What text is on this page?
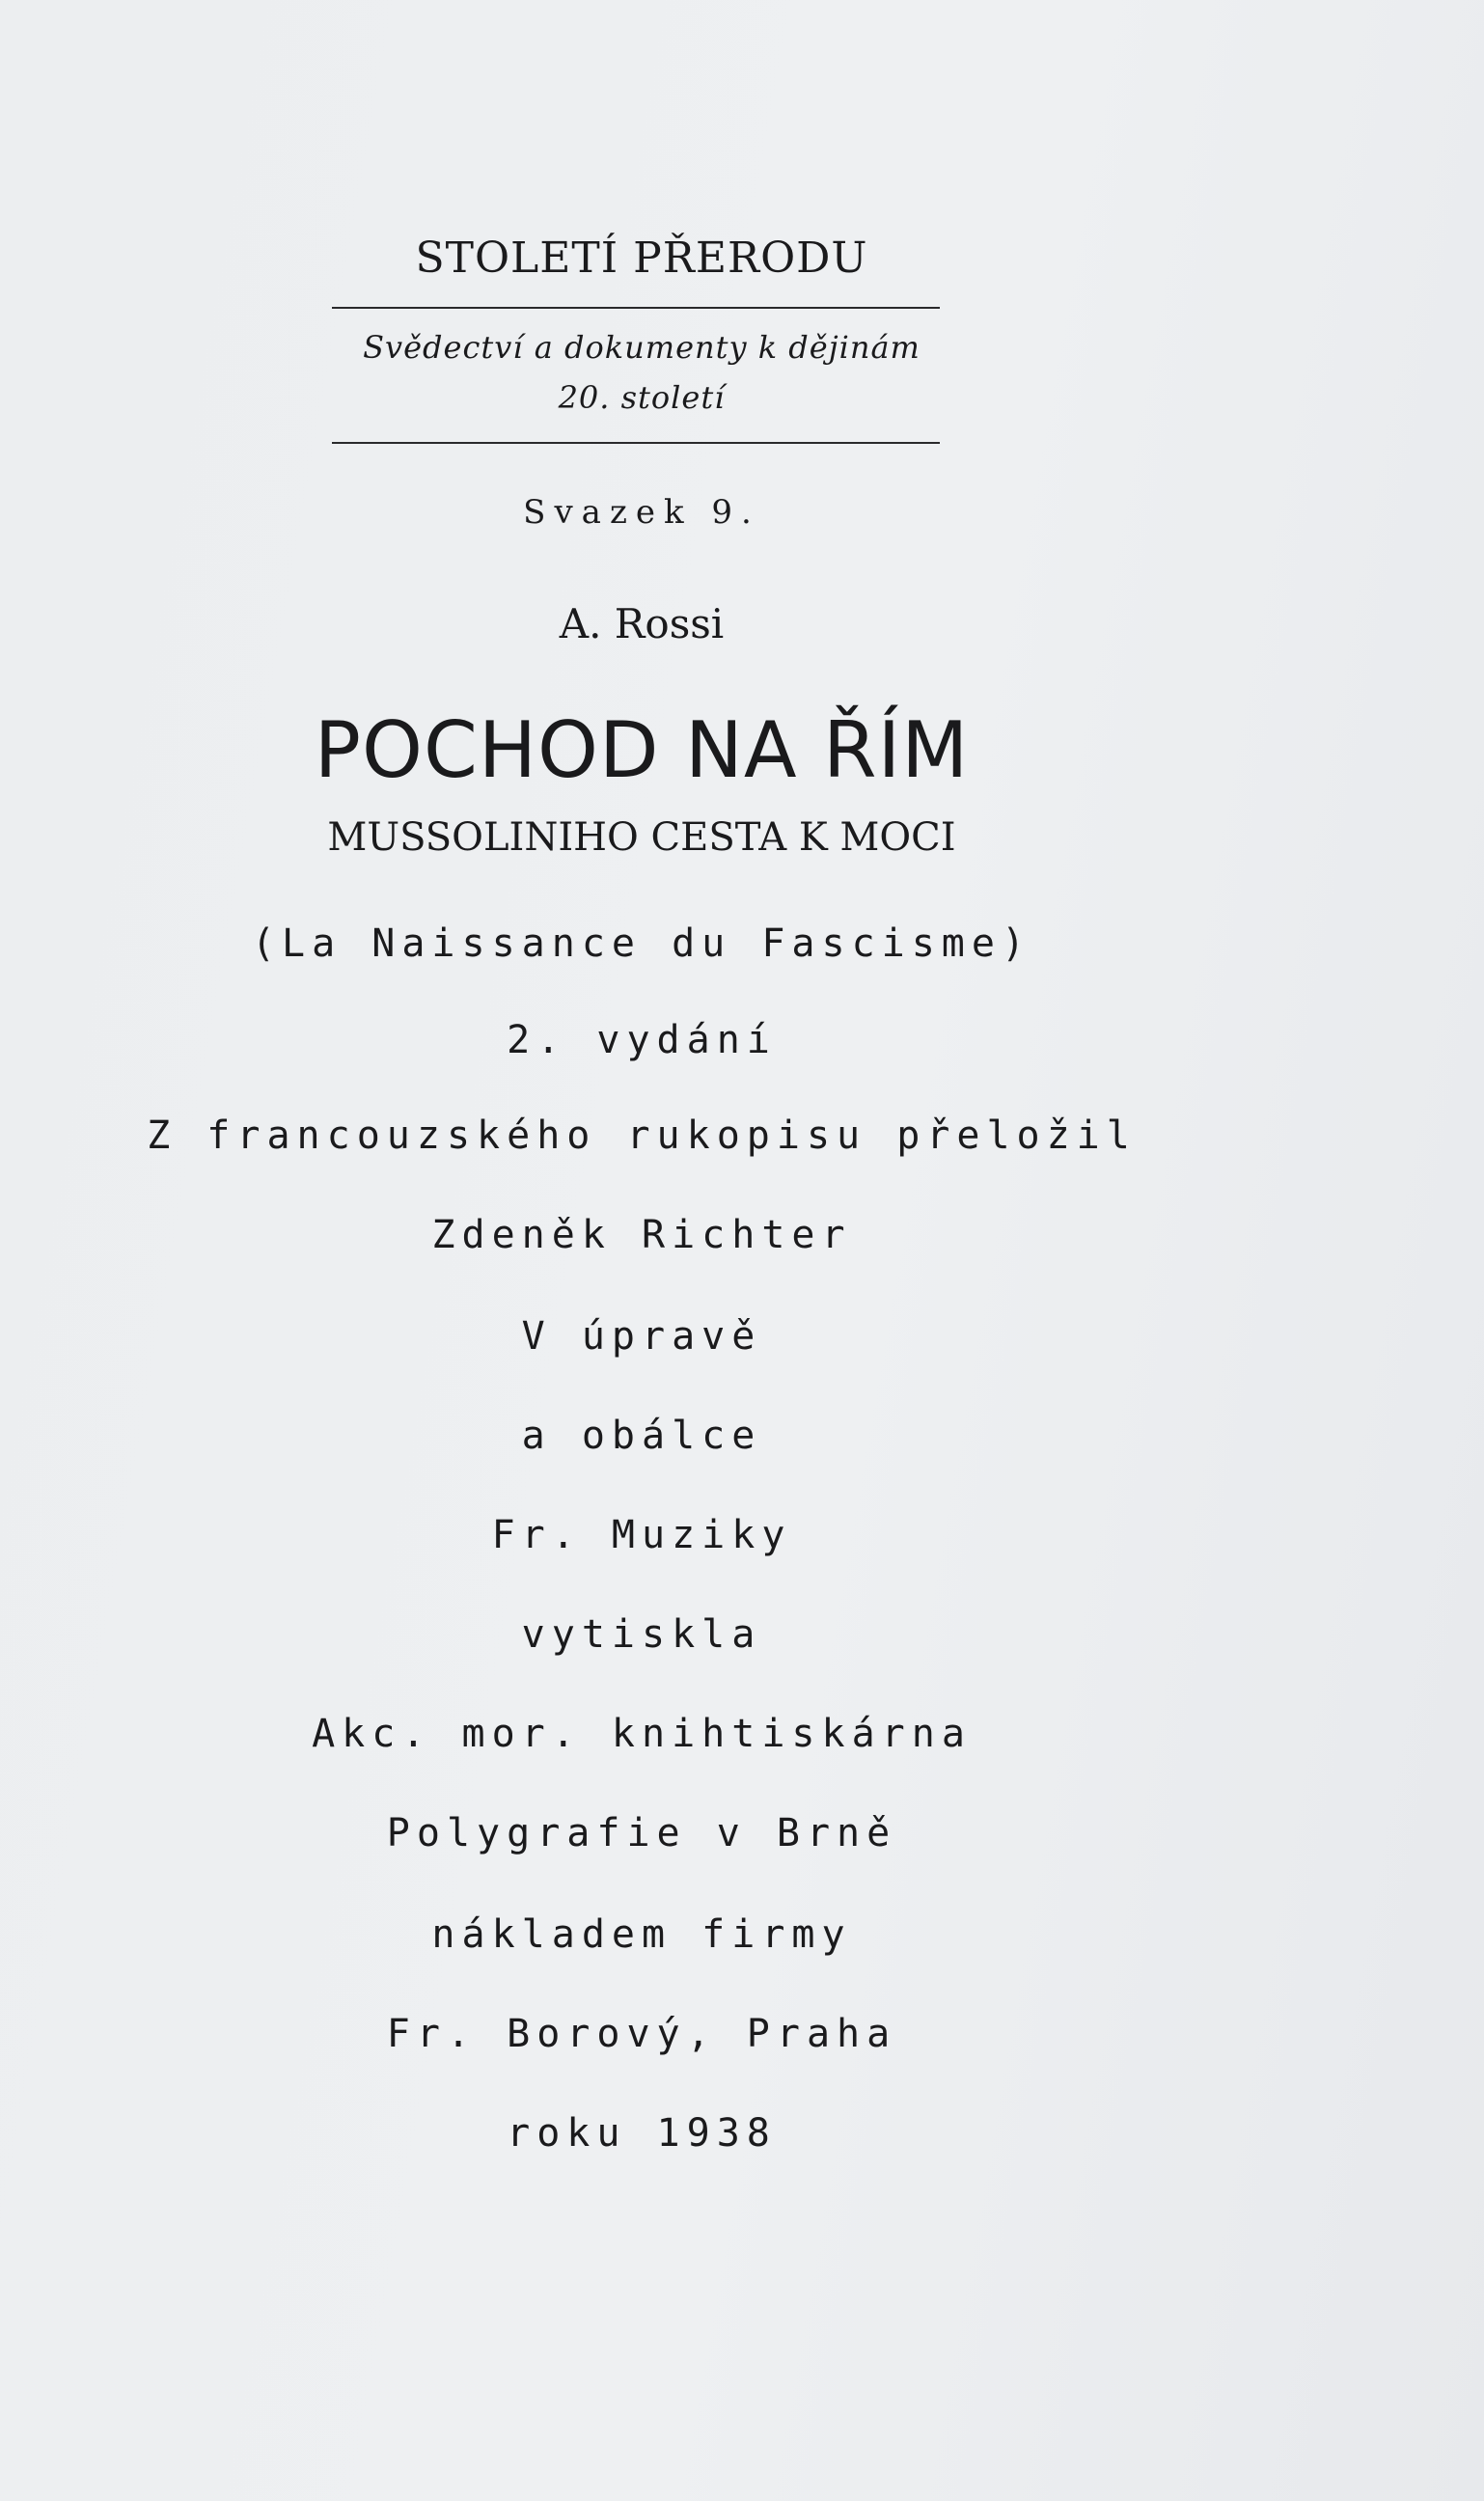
STOLETÍ PŘERODU
Svědectví a dokumenty k dějinám
20. století
Svazek 9.
A. Rossi
POCHOD NA ŘÍM
MUSSOLINIHO CESTA K MOCI
(La Naissance du Fascisme)
2. vydání
Z francouzského rukopisu přeložil
Zdeněk Richter
V úpravě
a obálce
Fr. Muziky
vytiskla
Akc. mor. knihtiskárna
Polygrafie v Brně
nákladem firmy
Fr. Borový, Praha
roku 1938
